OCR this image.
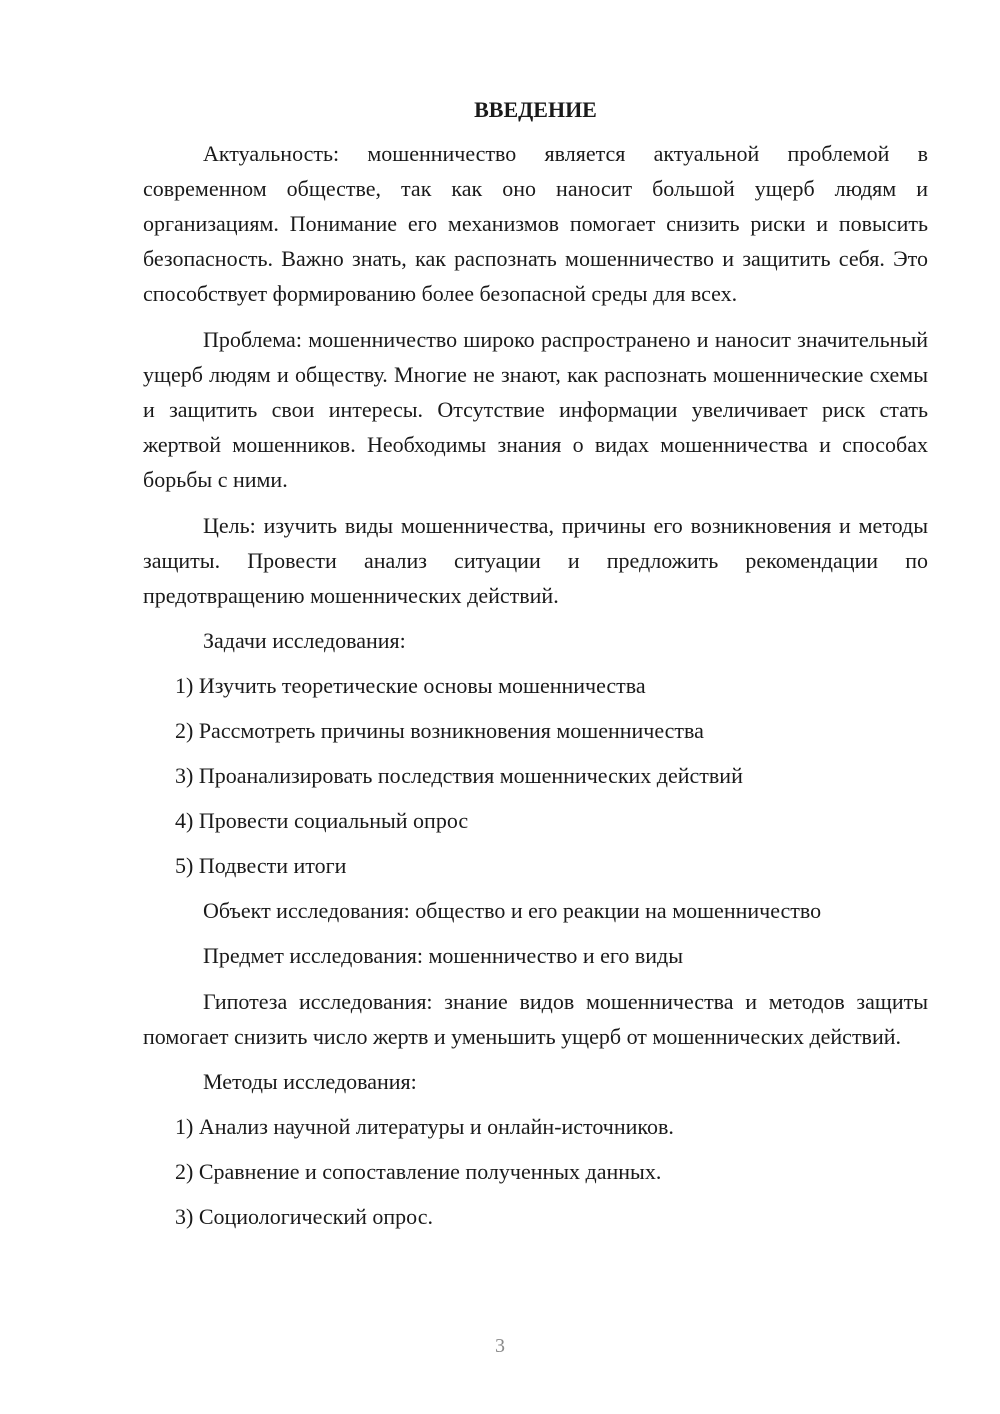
ВВЕДЕНИЕ

Актуальность: мошенничество является актуальной проблемой в современном обществе, так как оно наносит большой ущерб людям и организациям. Понимание его механизмов помогает снизить риски и повысить безопасность. Важно знать, как распознать мошенничество и защитить себя. Это способствует формированию более безопасной среды для всех.

Проблема: мошенничество широко распространено и наносит значительный ущерб людям и обществу. Многие не знают, как распознать мошеннические схемы и защитить свои интересы. Отсутствие информации увеличивает риск стать жертвой мошенников. Необходимы знания о видах мошенничества и способах борьбы с ними.

Цель: изучить виды мошенничества, причины его возникновения и методы защиты. Провести анализ ситуации и предложить рекомендации по предотвращению мошеннических действий.

Задачи исследования:
1) Изучить теоретические основы мошенничества
2) Рассмотреть причины возникновения мошенничества
3) Проанализировать последствия мошеннических действий
4) Провести социальный опрос
5) Подвести итоги
Объект исследования: общество и его реакции на мошенничество
Предмет исследования: мошенничество и его виды

Гипотеза исследования: знание видов мошенничества и методов защиты помогает снизить число жертв и уменьшить ущерб от мошеннических действий.

Методы исследования:
1) Анализ научной литературы и онлайн-источников.
2) Сравнение и сопоставление полученных данных.
3) Социологический опрос.
3
